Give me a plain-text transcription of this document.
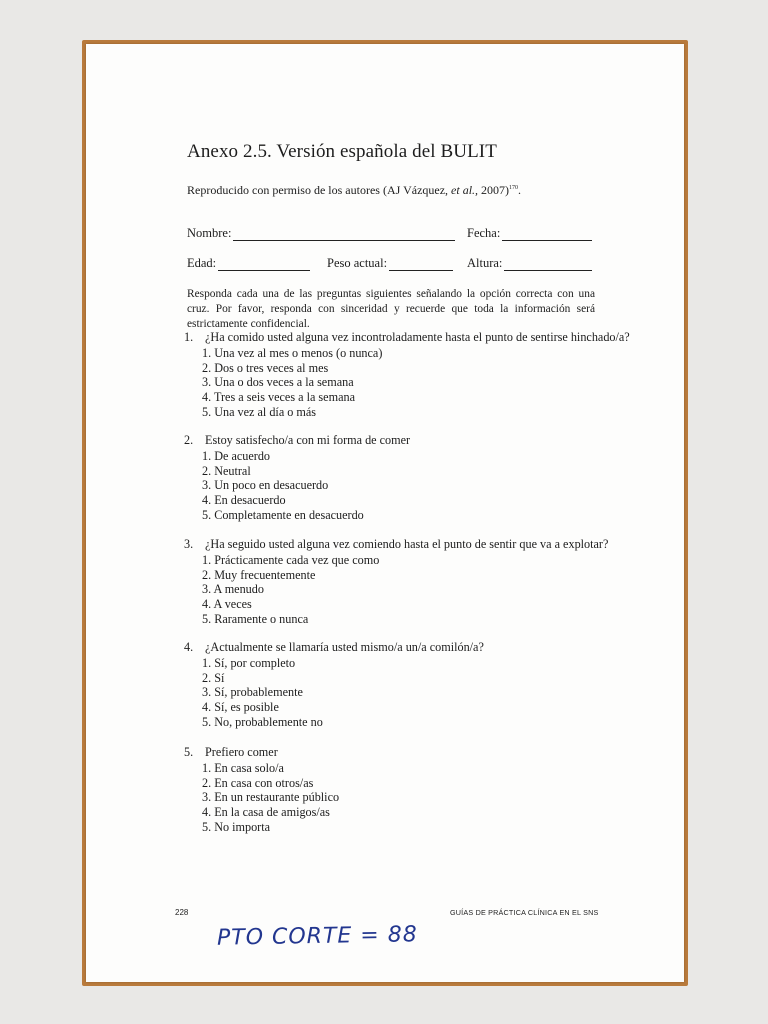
Anexo 2.5. Versión española del BULIT
Reproducido con permiso de los autores (AJ Vázquez, et al., 2007)$^{170}$.
Nombre:	Fecha:
Edad:	Peso actual:	Altura:
Responda cada una de las preguntas siguientes señalando la opción correcta con una cruz. Por favor, responda con sinceridad y recuerde que toda la información será estrictamente confidencial.
1. ¿Ha comido usted alguna vez incontroladamente hasta el punto de sentirse hinchado/a?
1. Una vez al mes o menos (o nunca)
2. Dos o tres veces al mes
3. Una o dos veces a la semana
4. Tres a seis veces a la semana
5. Una vez al día o más
2. Estoy satisfecho/a con mi forma de comer
1. De acuerdo
2. Neutral
3. Un poco en desacuerdo
4. En desacuerdo
5. Completamente en desacuerdo
3. ¿Ha seguido usted alguna vez comiendo hasta el punto de sentir que va a explotar?
1. Prácticamente cada vez que como
2. Muy frecuentemente
3. A menudo
4. A veces
5. Raramente o nunca
4. ¿Actualmente se llamaría usted mismo/a un/a comilón/a?
1. Sí, por completo
2. Sí
3. Sí, probablemente
4. Sí, es posible
5. No, probablemente no
5. Prefiero comer
1. En casa solo/a
2. En casa con otros/as
3. En un restaurante público
4. En la casa de amigos/as
5. No importa
228	GUÍAS DE PRÁCTICA CLÍNICA EN EL SNS
PTO CORTE = 88
